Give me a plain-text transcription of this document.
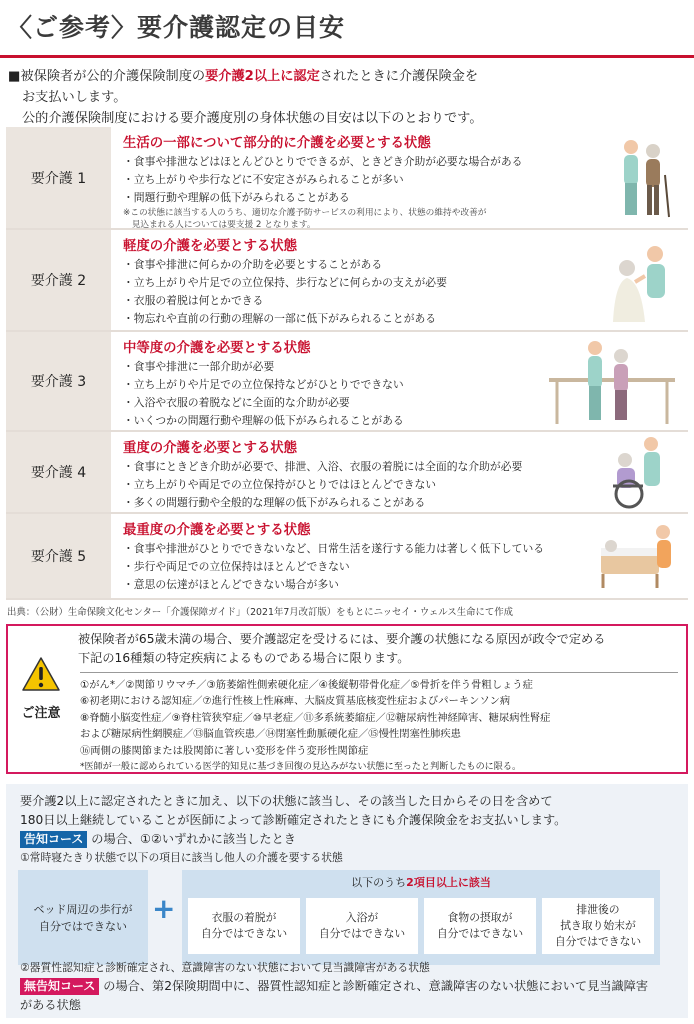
〈ご参考〉要介護認定の目安
■被保険者が公的介護保険制度の要介護2以上に認定されたときに介護保険金を
お支払いします。
公的介護保険制度における要介護度別の身体状態の目安は以下のとおりです。
要介護 1
生活の一部について部分的に介護を必要とする状態
・食事や排泄などはほとんどひとりでできるが、ときどき介助が必要な場合がある
・立ち上がりや歩行などに不安定さがみられることが多い
・問題行動や理解の低下がみられることがある
※この状態に該当する人のうち、適切な介護予防サービスの利用により、状態の維持や改善が
　見込まれる人については要支援 2 となります。
要介護 2
軽度の介護を必要とする状態
・食事や排泄に何らかの介助を必要とすることがある
・立ち上がりや片足での立位保持、歩行などに何らかの支えが必要
・衣服の着脱は何とかできる
・物忘れや直前の行動の理解の一部に低下がみられることがある
要介護 3
中等度の介護を必要とする状態
・食事や排泄に一部介助が必要
・立ち上がりや片足での立位保持などがひとりでできない
・入浴や衣服の着脱などに全面的な介助が必要
・いくつかの問題行動や理解の低下がみられることがある
要介護 4
重度の介護を必要とする状態
・食事にときどき介助が必要で、排泄、入浴、衣服の着脱には全面的な介助が必要
・立ち上がりや両足での立位保持がひとりではほとんどできない
・多くの問題行動や全般的な理解の低下がみられることがある
要介護 5
最重度の介護を必要とする状態
・食事や排泄がひとりでできないなど、日常生活を遂行する能力は著しく低下している
・歩行や両足での立位保持はほとんどできない
・意思の伝達がほとんどできない場合が多い
出典：（公財）生命保険文化センター「介護保障ガイド」（2021年7月改訂版）をもとにニッセイ・ウェルス生命にて作成
ご注意
被保険者が65歳未満の場合、要介護認定を受けるには、要介護の状態になる原因が政令で定める
下記の16種類の特定疾病によるものである場合に限ります。
①がん*／②関節リウマチ／③筋萎縮性側索硬化症／④後縦靭帯骨化症／⑤骨折を伴う骨粗しょう症
⑥初老期における認知症／⑦進行性核上性麻痺、大脳皮質基底核変性症およびパーキンソン病
⑧脊髄小脳変性症／⑨脊柱管狭窄症／⑩早老症／⑪多系統萎縮症／⑫糖尿病性神経障害、糖尿病性腎症
および糖尿病性網膜症／⑬脳血管疾患／⑭閉塞性動脈硬化症／⑮慢性閉塞性肺疾患
⑯両側の膝関節または股関節に著しい変形を伴う変形性関節症
*医師が一般に認められている医学的知見に基づき回復の見込みがない状態に至ったと判断したものに限る。
要介護2以上に認定されたときに加え、以下の状態に該当し、その該当した日からその日を含めて
180日以上継続していることが医師によって診断確定されたときにも介護保険金をお支払いします。
告知コース の場合、①②いずれかに該当したとき
①常時寝たきり状態で以下の項目に該当し他人の介護を要する状態
ベッド周辺の歩行が
自分ではできない
+
以下のうち2項目以上に該当
衣服の着脱が
自分ではできない
入浴が
自分ではできない
食物の摂取が
自分ではできない
排泄後の
拭き取り始末が
自分ではできない
②器質性認知症と診断確定され、意識障害のない状態において見当識障害がある状態
無告知コース の場合、第2保険期間中に、器質性認知症と診断確定され、意識障害のない状態において見当識障害
がある状態
